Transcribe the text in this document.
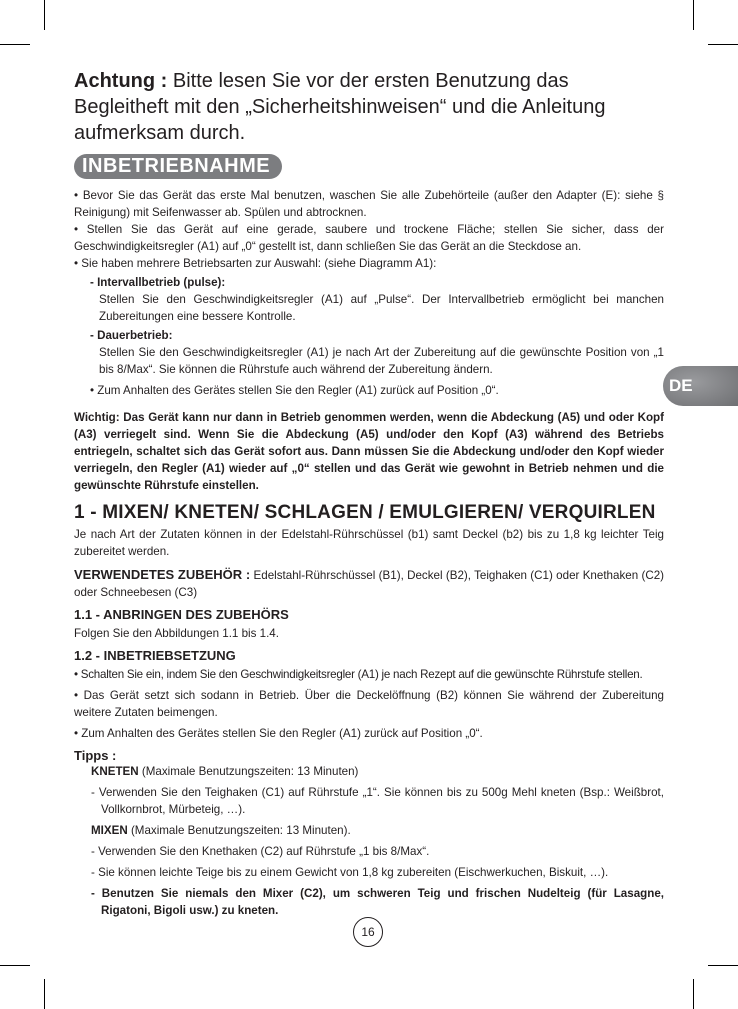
DE
Achtung : Bitte lesen Sie vor der ersten Benutzung das Begleitheft mit den „Sicherheitshinweisen“ und die Anleitung aufmerksam durch.
INBETRIEBNAHME

• Bevor Sie das Gerät das erste Mal benutzen, waschen Sie alle Zubehörteile (außer den Adapter (E): siehe § Reinigung) mit Seifenwasser ab. Spülen und abtrocknen.

• Stellen Sie das Gerät auf eine gerade, saubere und trockene Fläche; stellen Sie sicher, dass der Geschwindigkeitsregler (A1) auf „0“ gestellt ist, dann schließen Sie das Gerät an die Steckdose an.

• Sie haben mehrere Betriebsarten zur Auswahl: (siehe Diagramm A1):

- Intervallbetrieb (pulse):

Stellen Sie den Geschwindigkeitsregler (A1) auf „Pulse“. Der Intervallbetrieb ermöglicht bei manchen Zubereitungen eine bessere Kontrolle.

- Dauerbetrieb:

Stellen Sie den Geschwindigkeitsregler (A1) je nach Art der Zubereitung auf die gewünschte Position von „1 bis 8/Max“. Sie können die Rührstufe auch während der Zubereitung ändern.

• Zum Anhalten des Gerätes stellen Sie den Regler (A1) zurück auf Position „0“.

Wichtig: Das Gerät kann nur dann in Betrieb genommen werden, wenn die Abdeckung (A5) und oder Kopf (A3) verriegelt sind. Wenn Sie die Abdeckung (A5) und/oder den Kopf (A3) während des Betriebs entriegeln, schaltet sich das Gerät sofort aus. Dann müssen Sie die Abdeckung und/oder den Kopf wieder verriegeln, den Regler (A1) wieder auf „0“ stellen und das Gerät wie gewohnt in Betrieb nehmen und die gewünschte Rührstufe einstellen.

1 - MIXEN/ KNETEN/ SCHLAGEN / EMULGIEREN/ VERQUIRLEN

Je nach Art der Zutaten können in der Edelstahl-Rührschüssel (b1) samt Deckel (b2) bis zu 1,8 kg leichter Teig zubereitet werden.

VERWENDETES ZUBEHÖR : Edelstahl-Rührschüssel (B1), Deckel (B2), Teighaken (C1) oder Knethaken (C2) oder Schneebesen (C3)

1.1 - ANBRINGEN DES ZUBEHÖRS

Folgen Sie den Abbildungen 1.1 bis 1.4.

1.2 - INBETRIEBSETZUNG

• Schalten Sie ein, indem Sie den Geschwindigkeitsregler (A1) je nach Rezept auf die gewünschte Rührstufe stellen.

• Das Gerät setzt sich sodann in Betrieb. Über die Deckelöffnung (B2) können Sie während der Zubereitung weitere Zutaten beimengen.

• Zum Anhalten des Gerätes stellen Sie den Regler (A1) zurück auf Position „0“.

Tipps :

KNETEN (Maximale Benutzungszeiten: 13 Minuten)

- Verwenden Sie den Teighaken (C1) auf Rührstufe „1“. Sie können bis zu 500g Mehl kneten (Bsp.: Weißbrot, Vollkornbrot, Mürbeteig, …).

MIXEN (Maximale Benutzungszeiten: 13 Minuten).

- Verwenden Sie den Knethaken (C2) auf Rührstufe „1 bis 8/Max“.

- Sie können leichte Teige bis zu einem Gewicht von 1,8 kg zubereiten (Eischwerkuchen, Biskuit, …).

- Benutzen Sie niemals den Mixer (C2), um schweren Teig und frischen Nudelteig (für Lasagne, Rigatoni, Bigoli usw.) zu kneten.

16
